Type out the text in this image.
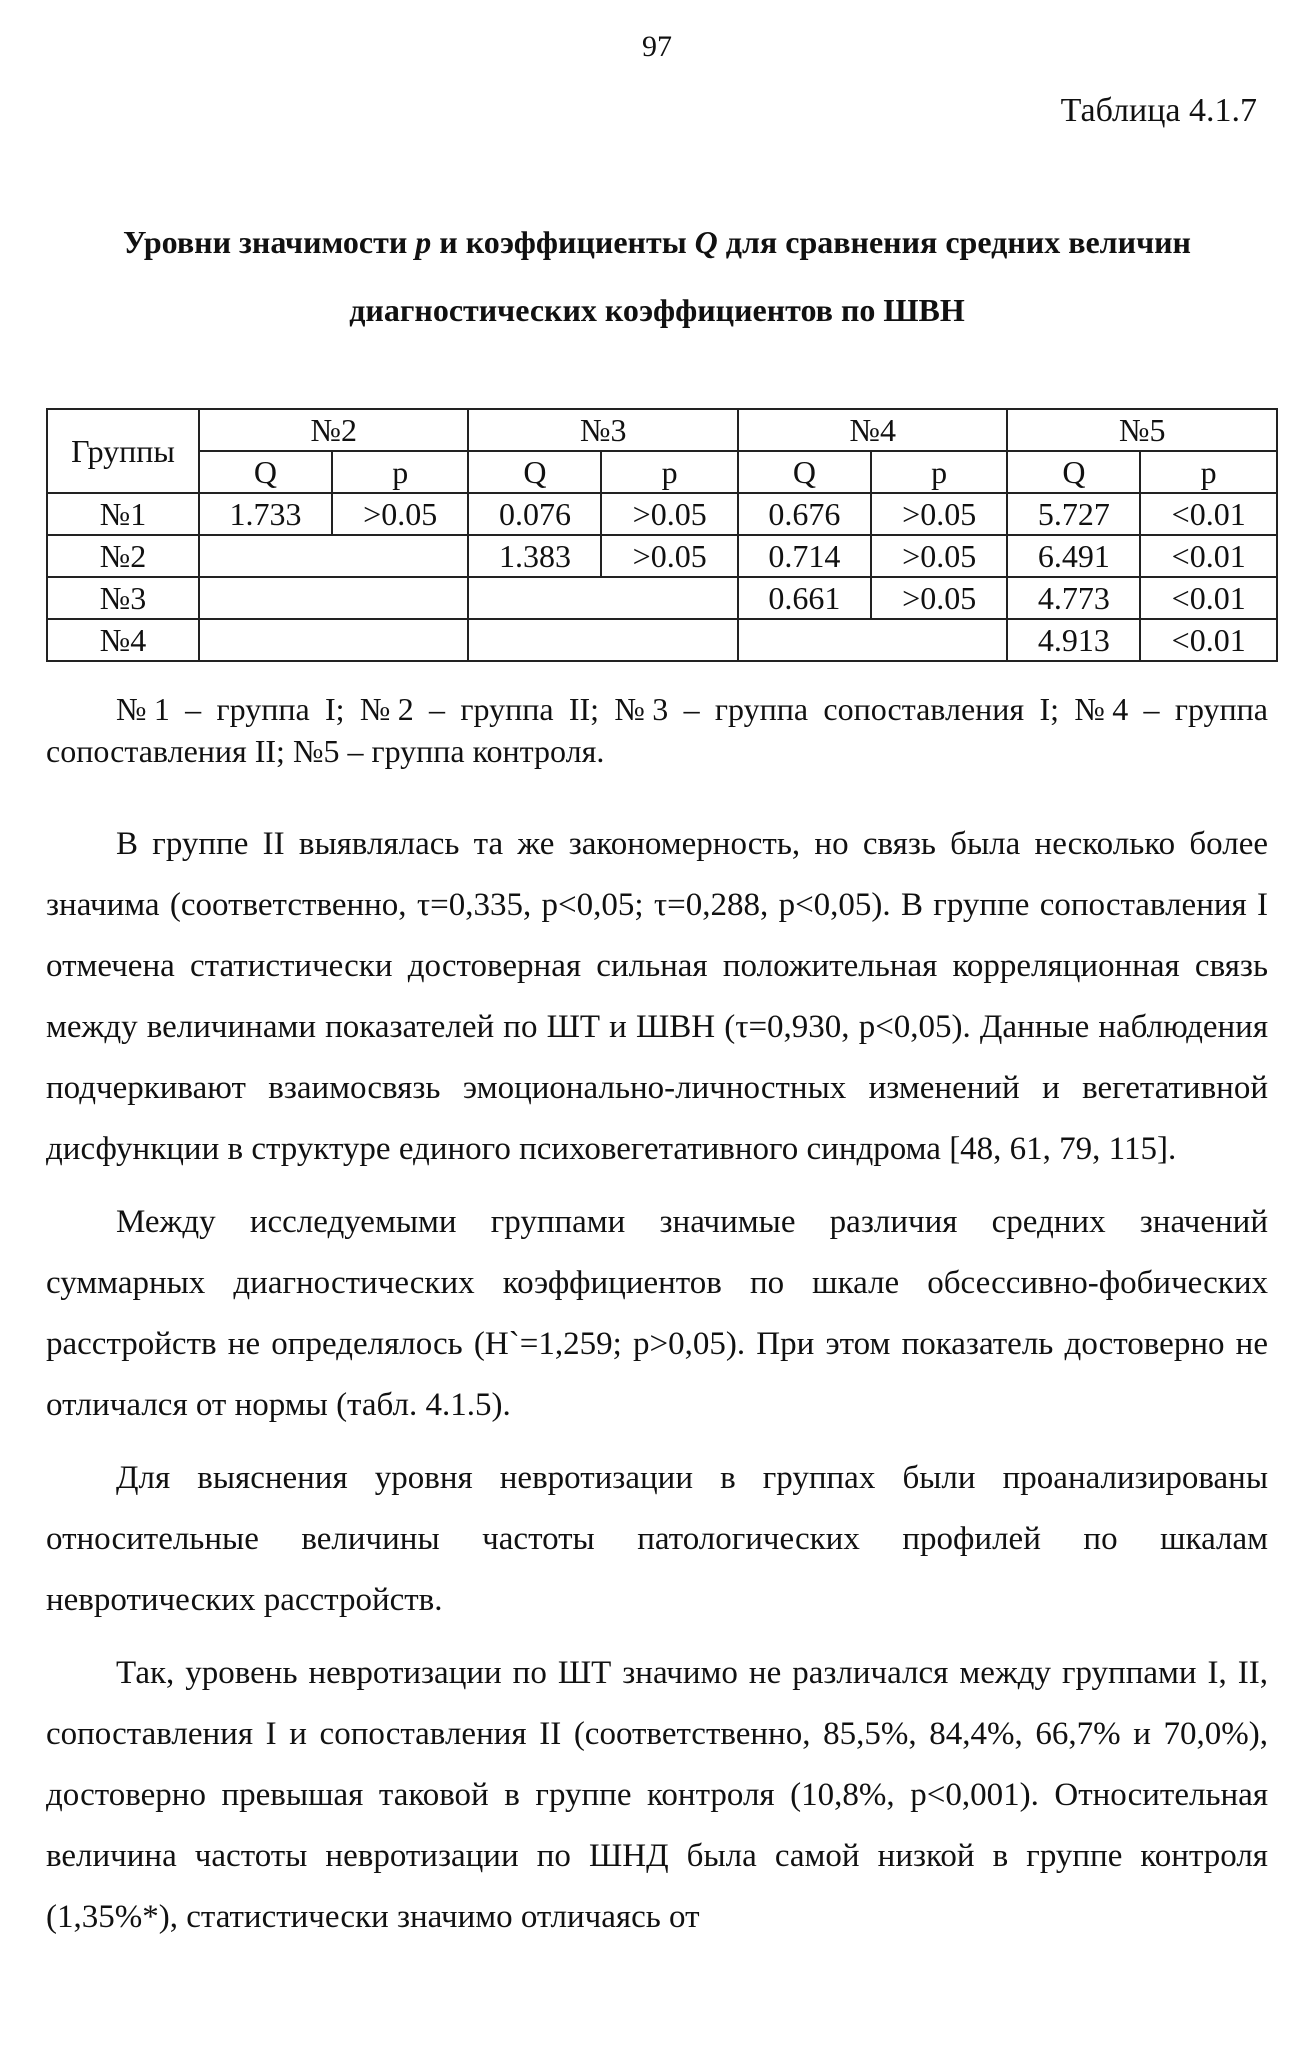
97
Таблица 4.1.7
Уровни значимости p и коэффициенты Q для сравнения средних величин диагностических коэффициентов по ШВН
Группы	№2		№3		№4		№5	
	Q	p	Q	p	Q	p	Q	p
№1	1.733	>0.05	0.076	>0.05	0.676	>0.05	5.727	<0.01
№2			1.383	>0.05	0.714	>0.05	6.491	<0.01
№3					0.661	>0.05	4.773	<0.01
№4							4.913	<0.01
№1 – группа I; №2 – группа II; №3 – группа сопоставления I; №4 – группа сопоставления II; №5 – группа контроля.

В группе II выявлялась та же закономерность, но связь была несколько более значима (соответственно, τ=0,335, p<0,05; τ=0,288, p<0,05). В группе сопоставления I отмечена статистически достоверная сильная положительная корреляционная связь между величинами показателей по ШТ и ШВН (τ=0,930, p<0,05). Данные наблюдения подчеркивают взаимосвязь эмоционально-личностных изменений и вегетативной дисфункции в структуре единого психовегетативного синдрома [48, 61, 79, 115].

Между исследуемыми группами значимые различия средних значений суммарных диагностических коэффициентов по шкале обсессивно-фобических расстройств не определялось (H`=1,259; p>0,05). При этом показатель достоверно не отличался от нормы (табл. 4.1.5).

Для выяснения уровня невротизации в группах были проанализированы относительные величины частоты патологических профилей по шкалам невротических расстройств.

Так, уровень невротизации по ШТ значимо не различался между группами I, II, сопоставления I и сопоставления II (соответственно, 85,5%, 84,4%, 66,7% и 70,0%), достоверно превышая таковой в группе контроля (10,8%, p<0,001). Относительная величина частоты невротизации по ШНД была самой низкой в группе контроля (1,35%*), статистически значимо отличаясь от
